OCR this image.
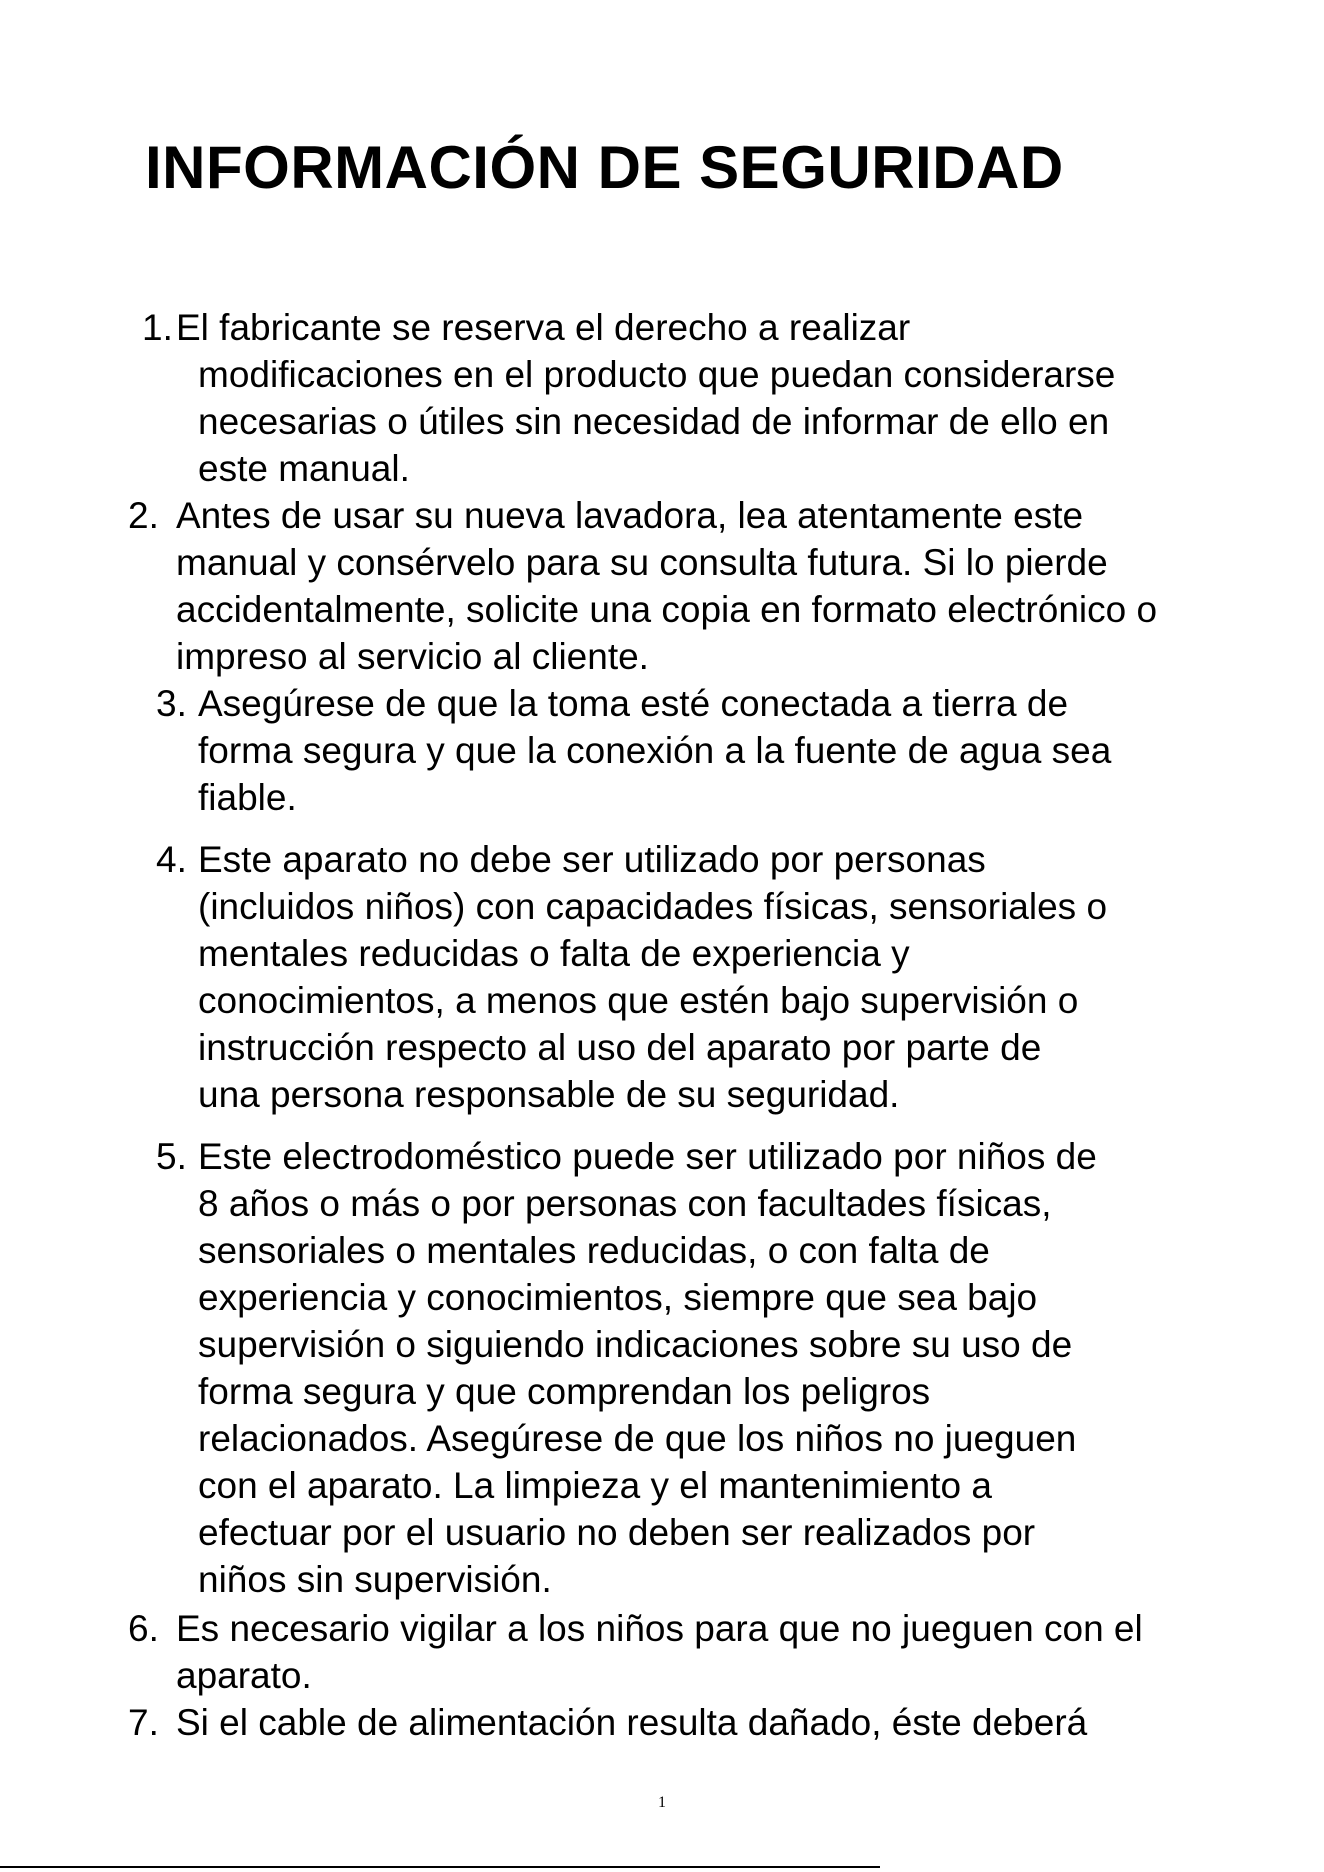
INFORMACIÓN DE SEGURIDAD
1. El fabricante se reserva el derecho a realizar
modificaciones en el producto que puedan considerarse
necesarias o útiles sin necesidad de informar de ello en
este manual.
2. Antes de usar su nueva lavadora, lea atentamente este
manual y consérvelo para su consulta futura. Si lo pierde
accidentalmente, solicite una copia en formato electrónico o
impreso al servicio al cliente.
3. Asegúrese de que la toma esté conectada a tierra de
forma segura y que la conexión a la fuente de agua sea
fiable.
4. Este aparato no debe ser utilizado por personas
(incluidos niños) con capacidades físicas, sensoriales o
mentales reducidas o falta de experiencia y
conocimientos, a menos que estén bajo supervisión o
instrucción respecto al uso del aparato por parte de
una persona responsable de su seguridad.
5. Este electrodoméstico puede ser utilizado por niños de
8 años o más o por personas con facultades físicas,
sensoriales o mentales reducidas, o con falta de
experiencia y conocimientos, siempre que sea bajo
supervisión o siguiendo indicaciones sobre su uso de
forma segura y que comprendan los peligros
relacionados. Asegúrese de que los niños no jueguen
con el aparato. La limpieza y el mantenimiento a
efectuar por el usuario no deben ser realizados por
niños sin supervisión.
6. Es necesario vigilar a los niños para que no jueguen con el
aparato.
7. Si el cable de alimentación resulta dañado, éste deberá
1
